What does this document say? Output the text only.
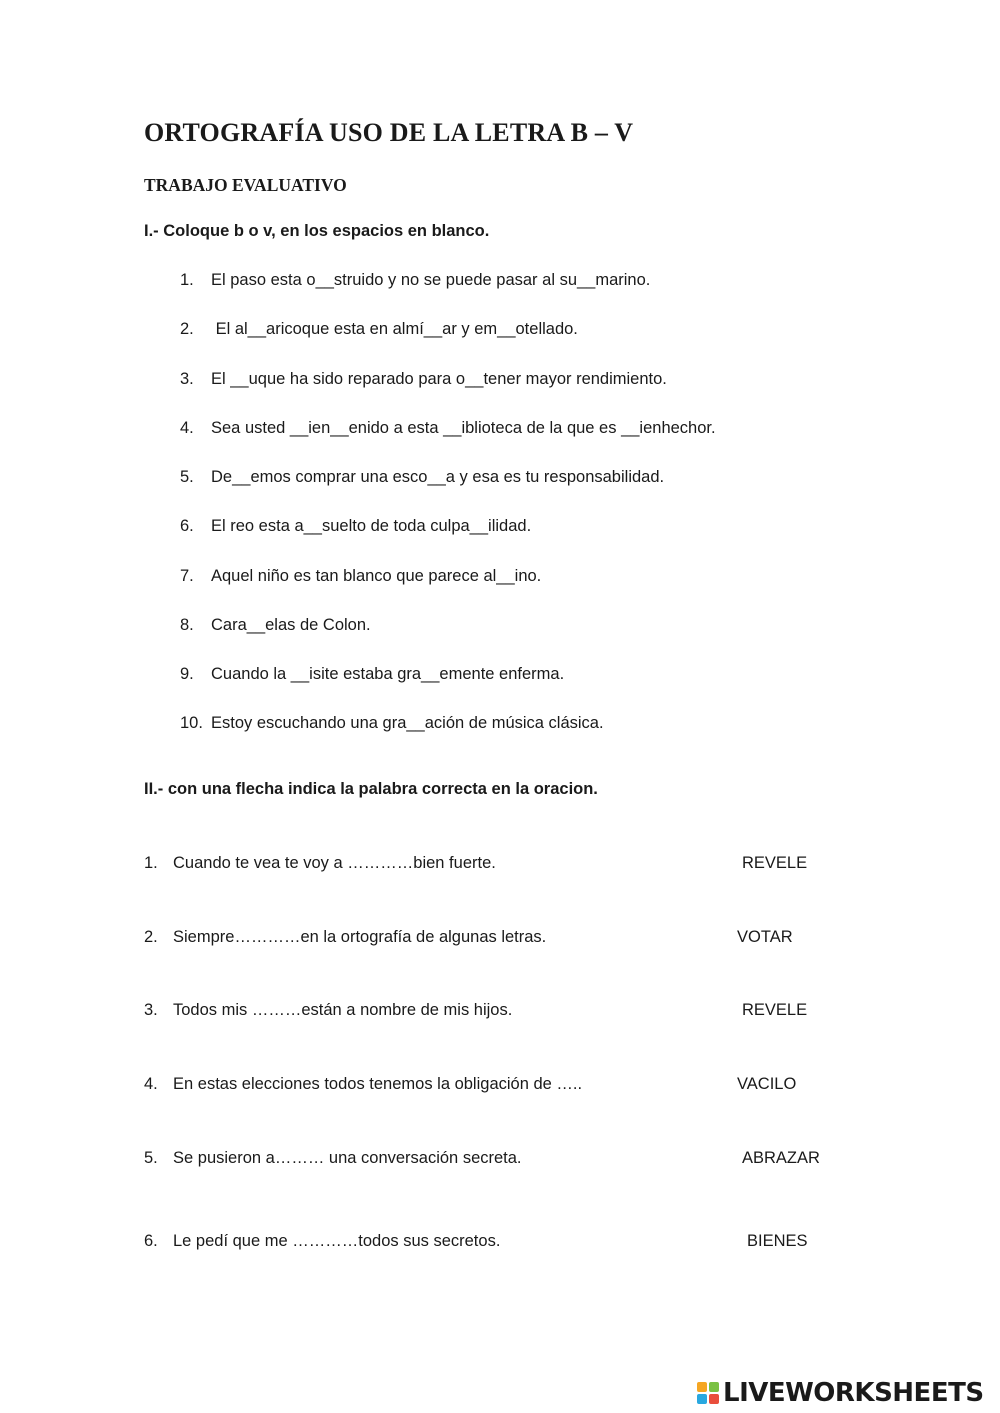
ORTOGRAFÍA USO DE LA LETRA B – V
TRABAJO EVALUATIVO
I.- Coloque b o v, en los espacios en blanco.
1. El paso esta o__struido y no se puede pasar al su__marino.
2. El al__aricoque esta en almí__ar y em__otellado.
3. El __uque ha sido reparado para o__tener mayor rendimiento.
4. Sea usted __ien__enido a esta __iblioteca de la que es __ienhechor.
5. De__emos comprar una esco__a y esa es tu responsabilidad.
6. El reo esta a__suelto de toda culpa__ilidad.
7. Aquel niño es tan blanco que parece al__ino.
8. Cara__elas de Colon.
9. Cuando la __isite estaba gra__emente enferma.
10. Estoy escuchando una gra__ación de música clásica.
II.- con una flecha indica la palabra correcta en la oracion.
1. Cuando te vea te voy a …………bien fuerte.	REVELE
2. Siempre…………en la ortografía de algunas letras.	VOTAR
3. Todos mis ………están a nombre de mis hijos.	REVELE
4. En estas elecciones todos tenemos la obligación de …..	VACILO
5. Se pusieron a……… una conversación secreta.	ABRAZAR
6. Le pedí que me …………todos sus secretos.	BIENES
LIVEWORKSHEETS
